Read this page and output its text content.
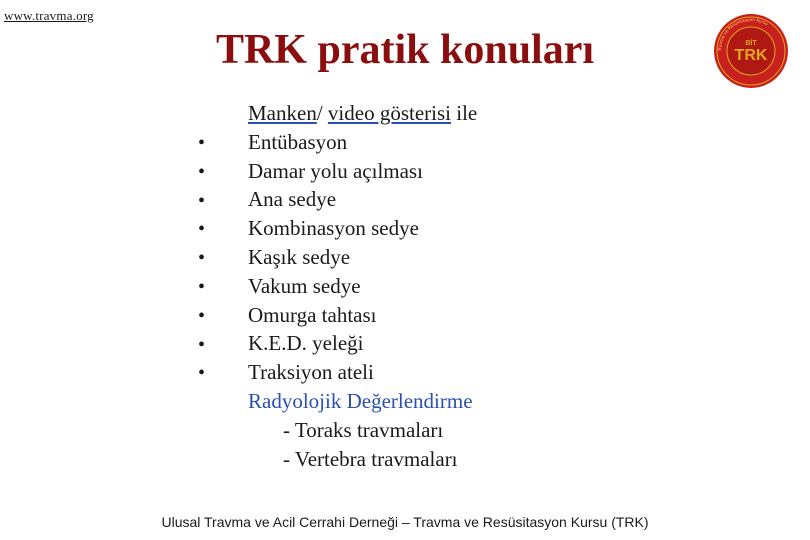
www.travma.org
TRK pratik konuları	Travma ve Resüsitasyon Kursu
BİT
TRK
•
•
•
•
•
•
•
•
•
Manken/ video gösterisi ile
Entübasyon
Damar yolu açılması
Ana sedye
Kombinasyon sedye
Kaşık sedye
Vakum sedye
Omurga tahtası
K.E.D. yeleği
Traksiyon ateli
Radyolojik Değerlendirme
- Toraks travmaları
- Vertebra travmaları
Ulusal Travma ve Acil Cerrahi Derneği – Travma ve Resüsitasyon Kursu (TRK)
